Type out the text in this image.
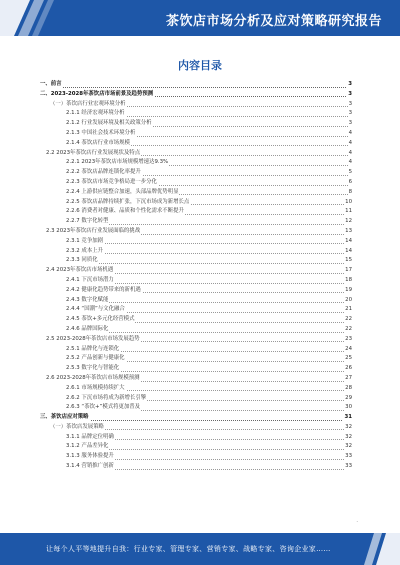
茶饮店市场分析及应对策略研究报告
内容目录
一、前言	3
二、2023-2028年茶饮店市场前景及趋势预测	3
（一）茶饮店行业宏观环境分析	3
2.1.1 经济宏观环境分析	3
2.1.2 行业发展环境及相关政策分析	3
2.1.3 中国社会技术环境分析	4
2.1.4 茶饮店行业市场规模	4
2.2 2023年茶饮店行业发展现状及特点	4
2.2.1 2023年茶饮店市场规模增速达9.3%	4
2.2.2 茶饮店品牌连锁化率提升	5
2.2.3 茶饮店市场竞争格局进一步分化	6
2.2.4 上游供应链整合加速，头部品牌优势明显	8
2.2.5 茶饮店品牌持续扩张，下沉市场成为新增长点	10
2.2.6 消费者对健康、品质和个性化需求不断提升	11
2.2.7 数字化转型	12
2.3 2023年茶饮店行业发展面临的挑战	13
2.3.1 竞争加剧	14
2.3.2 成本上升	14
2.3.3 同质化	15
2.4 2023年茶饮店市场机遇	17
2.4.1 下沉市场潜力	18
2.4.2 健康化趋势带来的新机遇	19
2.4.3 数字化赋能	20
2.4.4 “国潮”与文化融合	21
2.4.5 茶饮+多元化经营模式	22
2.4.6 品牌国际化	22
2.5 2023-2028年茶饮店市场发展趋势	23
2.5.1 品牌化与连锁化	24
2.5.2 产品创新与健康化	25
2.5.3 数字化与智能化	26
2.6 2023-2028年茶饮店市场规模预测	27
2.6.1 市场规模持续扩大	28
2.6.2 下沉市场将成为新增长引擎	29
2.6.3 “茶饮+”模式将更加普及	30
三、茶饮店应对策略	31
（一）茶饮店发展策略	32
3.1.1 品牌定位明确	32
3.1.2 产品差异化	32
3.1.3 服务体验提升	33
3.1.4 营销推广创新	33
·
让每个人平等地提升自我：行业专家、管理专家、营销专家、战略专家、咨询企业家……
